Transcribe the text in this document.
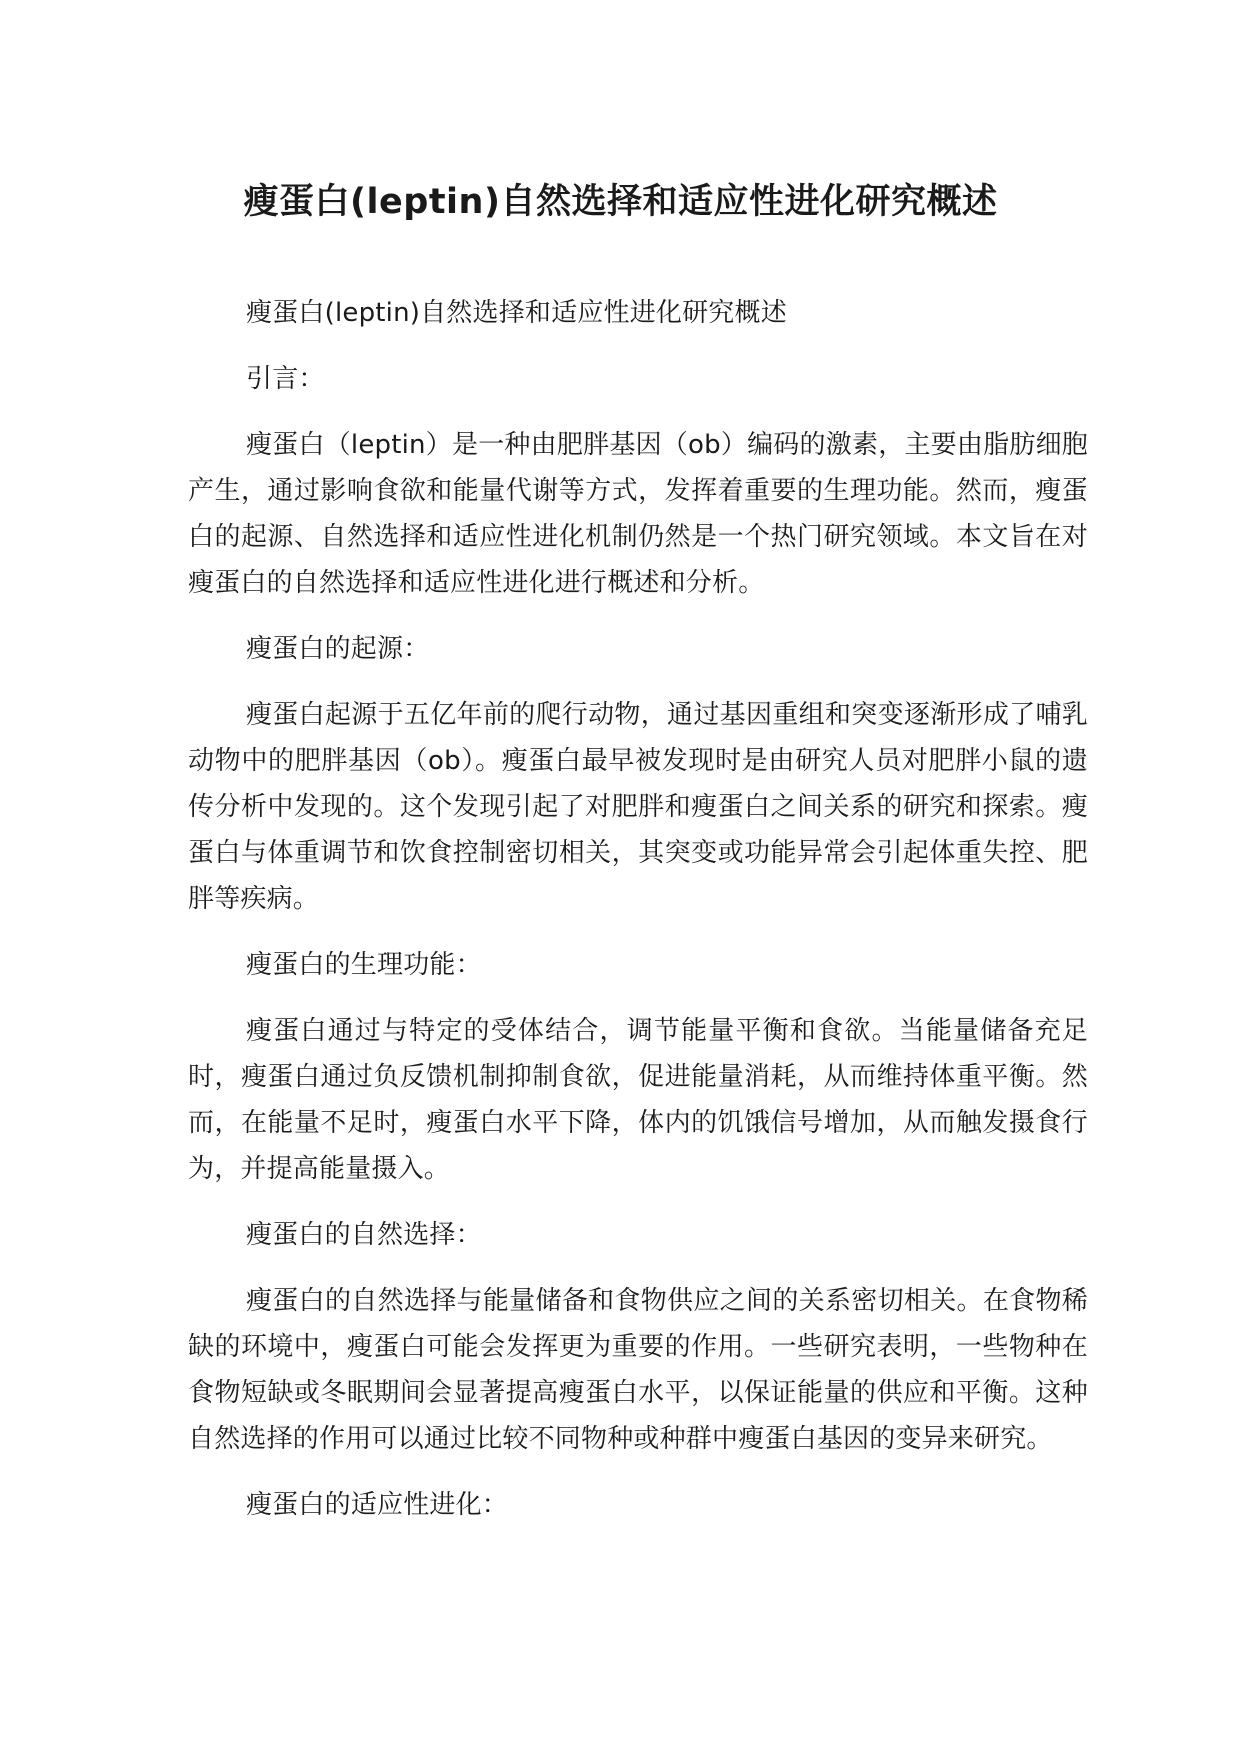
瘦蛋白(leptin)自然选择和适应性进化研究概述

瘦蛋白(leptin)自然选择和适应性进化研究概述

引言：

瘦蛋白（leptin）是一种由肥胖基因（ob）编码的激素，主要由脂肪细胞产生，通过影响食欲和能量代谢等方式，发挥着重要的生理功能。然而，瘦蛋白的起源、自然选择和适应性进化机制仍然是一个热门研究领域。本文旨在对瘦蛋白的自然选择和适应性进化进行概述和分析。

瘦蛋白的起源：

瘦蛋白起源于五亿年前的爬行动物，通过基因重组和突变逐渐形成了哺乳动物中的肥胖基因（ob）。瘦蛋白最早被发现时是由研究人员对肥胖小鼠的遗传分析中发现的。这个发现引起了对肥胖和瘦蛋白之间关系的研究和探索。瘦蛋白与体重调节和饮食控制密切相关，其突变或功能异常会引起体重失控、肥胖等疾病。

瘦蛋白的生理功能：

瘦蛋白通过与特定的受体结合，调节能量平衡和食欲。当能量储备充足时，瘦蛋白通过负反馈机制抑制食欲，促进能量消耗，从而维持体重平衡。然而，在能量不足时，瘦蛋白水平下降，体内的饥饿信号增加，从而触发摄食行为，并提高能量摄入。

瘦蛋白的自然选择：

瘦蛋白的自然选择与能量储备和食物供应之间的关系密切相关。在食物稀缺的环境中，瘦蛋白可能会发挥更为重要的作用。一些研究表明，一些物种在食物短缺或冬眠期间会显著提高瘦蛋白水平，以保证能量的供应和平衡。这种自然选择的作用可以通过比较不同物种或种群中瘦蛋白基因的变异来研究。

瘦蛋白的适应性进化：
